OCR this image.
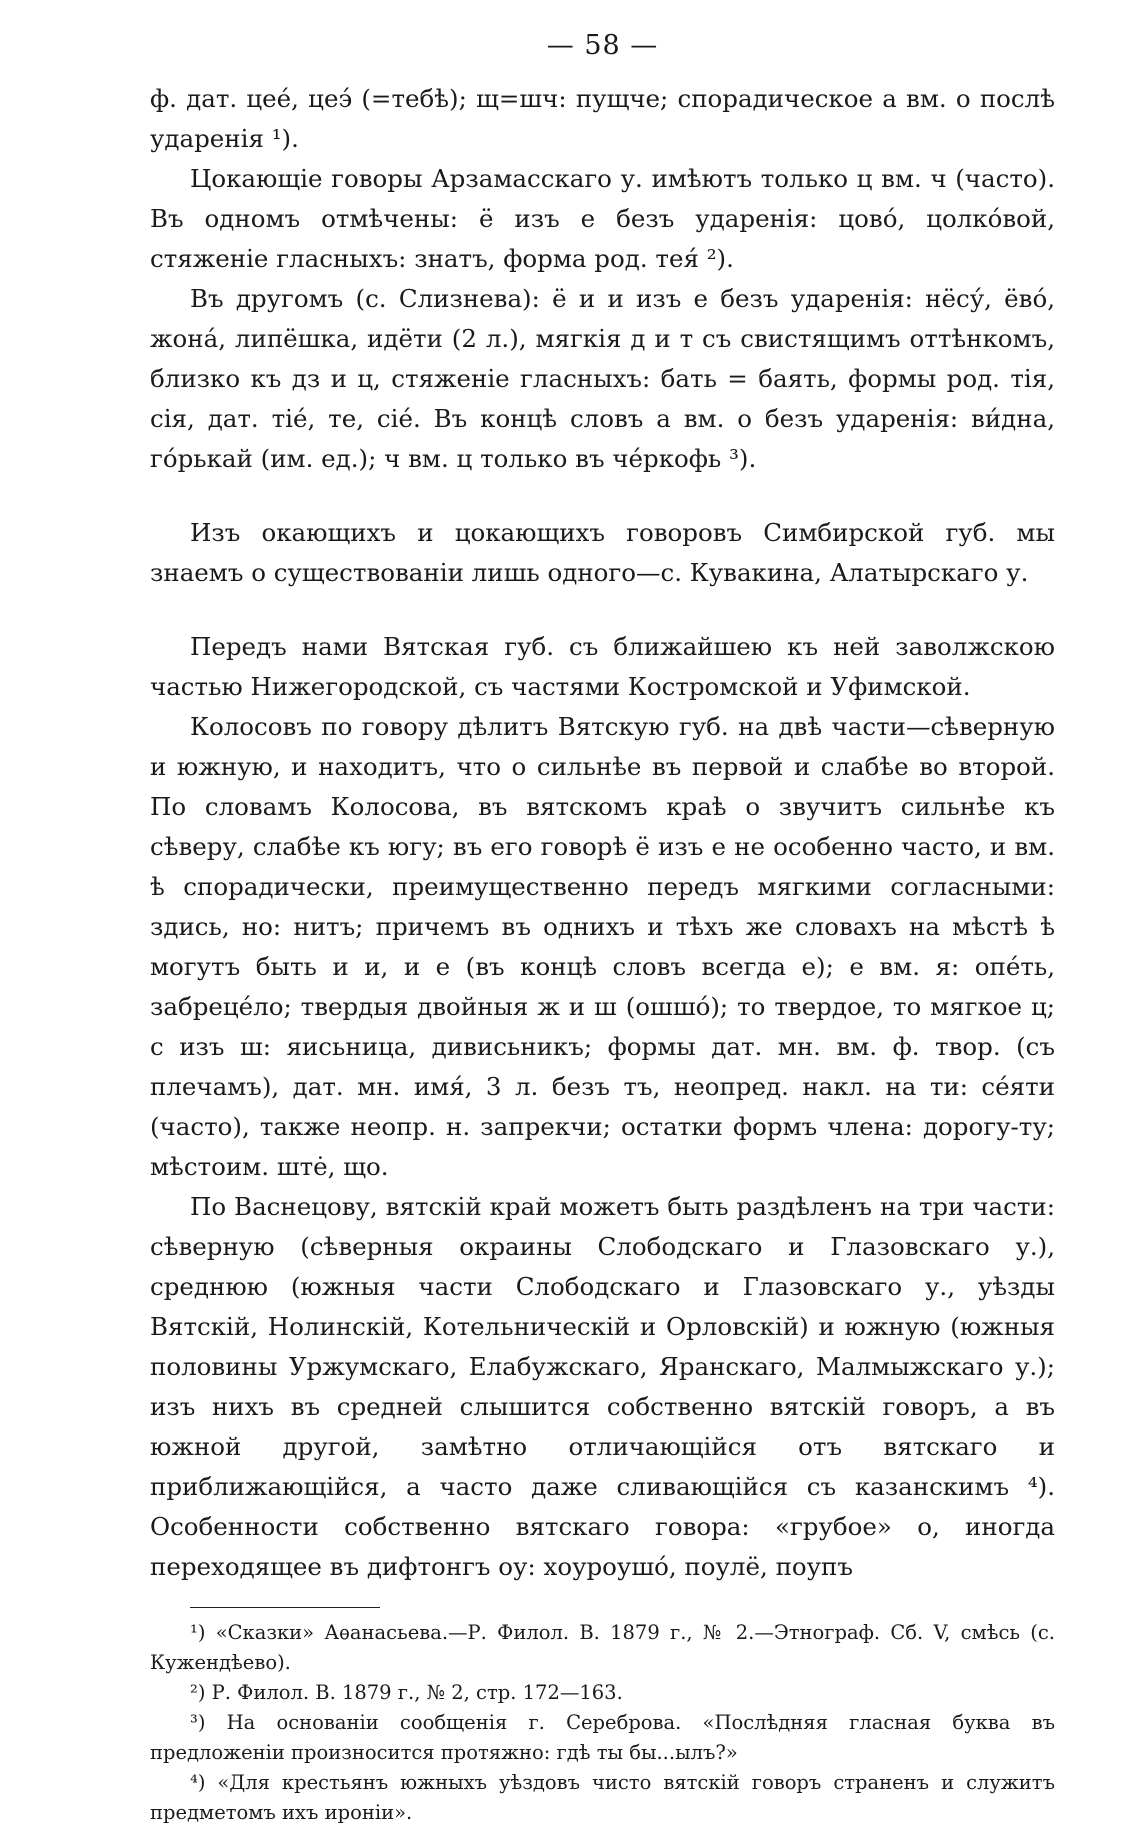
— 58 —

ф. дат. цеé, цеэ́ (=тебѣ); щ=шч: пущче; спорадическое а вм. о послѣ ударенія ¹).

Цокающіе говоры Арзамасскаго у. имѣютъ только ц вм. ч (часто). Въ одномъ отмѣчены: ё изъ е безъ ударенія: цово́, цолко́вой, стяженіе гласныхъ: знатъ, форма род. тея́ ²).

Въ другомъ (с. Слизнева): ё и и изъ е безъ ударенія: нёсу́, ёво́, жона́, липёшка, идёти (2 л.), мягкія д и т съ свистящимъ оттѣнкомъ, близко къ дз и ц, стяженіе гласныхъ: бать = баять, формы род. тія, сія, дат. тіе́, те, сіе́. Въ концѣ словъ а вм. о безъ ударенія: ви́дна, го́рькай (им. ед.); ч вм. ц только въ че́ркофь ³).

Изъ окающихъ и цокающихъ говоровъ Симбирской губ. мы знаемъ о существованіи лишь одного—с. Кувакина, Алатырскаго у.

Передъ нами Вятская губ. съ ближайшею къ ней заволжскою частью Нижегородской, съ частями Костромской и Уфимской.

Колосовъ по говору дѣлитъ Вятскую губ. на двѣ части—сѣверную и южную, и находитъ, что о сильнѣе въ первой и слабѣе во второй. По словамъ Колосова, въ вятскомъ краѣ о звучитъ сильнѣе къ сѣверу, слабѣе къ югу; въ его говорѣ ё изъ е не особенно часто, и вм. ѣ спорадически, преимущественно передъ мягкими согласными: здись, но: нитъ; причемъ въ однихъ и тѣхъ же словахъ на мѣстѣ ѣ могутъ быть и и, и е (въ концѣ словъ всегда е); е вм. я: опе́ть, забреце́ло; твердыя двойныя ж и ш (ошшо́); то твердое, то мягкое ц; с изъ ш: яисьница, дивисьникъ; формы дат. мн. вм. ф. твор. (съ плечамъ), дат. мн. имя́, 3 л. безъ тъ, неопред. накл. на ти: се́яти (часто), также неопр. н. запрекчи; остатки формъ члена: дорогу-ту; мѣстоим. ште̇, що.

По Васнецову, вятскій край можетъ быть раздѣленъ на три части: сѣверную (сѣверныя окраины Слободскаго и Глазовскаго у.), среднюю (южныя части Слободскаго и Глазовскаго у., уѣзды Вятскій, Нолинскій, Котельническій и Орловскій) и южную (южныя половины Уржумскаго, Елабужскаго, Яранскаго, Малмыжскаго у.); изъ нихъ въ средней слышится собственно вятскій говоръ, а въ южной другой, замѣтно отличающійся отъ вятскаго и приближающійся, а часто даже сливающійся съ казанскимъ ⁴). Особенности собственно вятскаго говора: «грубое» о, иногда переходящее въ дифтонгъ оу: хоуроушо́, поулё, поупъ

¹) «Сказки» Аѳанасьева.—Р. Филол. В. 1879 г., № 2.—Этнограф. Сб. V, смѣсь (с. Кужендѣево).

²) Р. Филол. В. 1879 г., № 2, стр. 172—163.

³) На основаніи сообщенія г. Сереброва. «Послѣдняя гласная буква въ предложеніи произносится протяжно: гдѣ ты бы...ылъ?»

⁴) «Для крестьянъ южныхъ уѣздовъ чисто вятскій говоръ страненъ и служитъ предметомъ ихъ ироніи».
